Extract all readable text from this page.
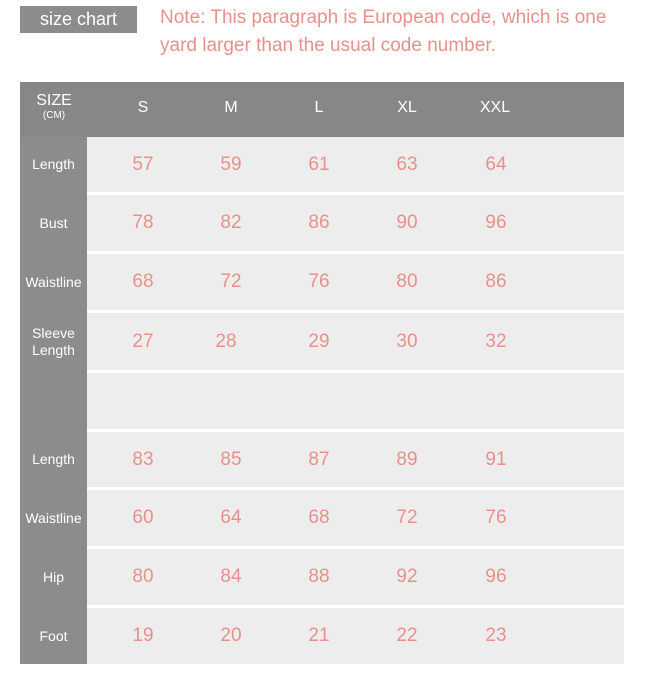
size chart	Note: This paragraph is European code, which is one yard larger than the usual code number.
SIZE
(CM)	S	M	L	XL	XXL
Length	57	59	61	63	64
Bust	78	82	86	90	96
Waistline	68	72	76	80	86
Sleeve
Length	27	28	29	30	32
Length	83	85	87	89	91
Waistline	60	64	68	72	76
Hip	80	84	88	92	96
Foot	19	20	21	22	23
